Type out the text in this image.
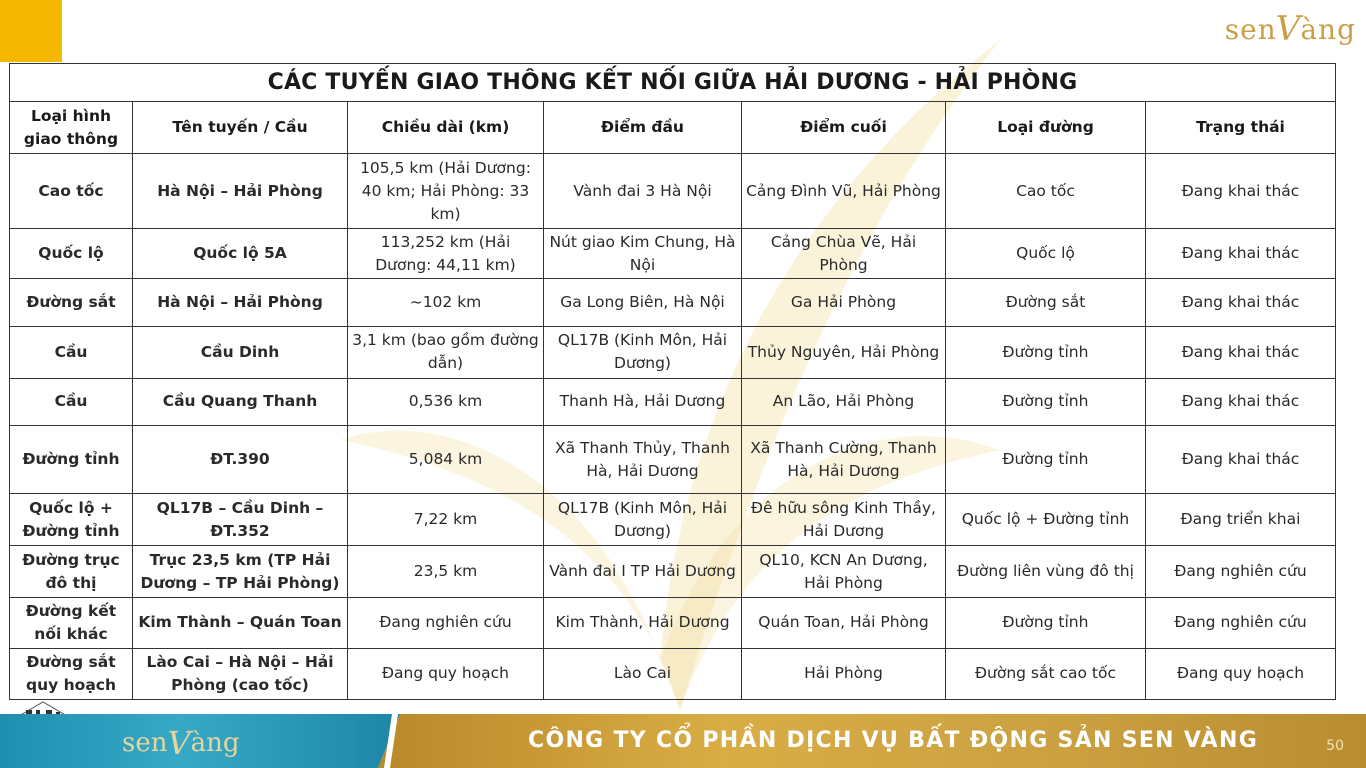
sen V àng
CÁC TUYẾN GIAO THÔNG KẾT NỐI GIỮA HẢI DƯƠNG - HẢI PHÒNG						
Loại hình giao thông	Tên tuyến / Cầu	Chiều dài (km)	Điểm đầu	Điểm cuối	Loại đường	Trạng thái
Cao tốc	Hà Nội – Hải Phòng	105,5 km (Hải Dương: 40 km; Hải Phòng: 33 km)	Vành đai 3 Hà Nội	Cảng Đình Vũ, Hải Phòng	Cao tốc	Đang khai thác
Quốc lộ	Quốc lộ 5A	113,252 km (Hải Dương: 44,11 km)	Nút giao Kim Chung, Hà Nội	Cảng Chùa Vẽ, Hải Phòng	Quốc lộ	Đang khai thác
Đường sắt	Hà Nội – Hải Phòng	~102 km	Ga Long Biên, Hà Nội	Ga Hải Phòng	Đường sắt	Đang khai thác
Cầu	Cầu Dinh	3,1 km (bao gồm đường dẫn)	QL17B (Kinh Môn, Hải Dương)	Thủy Nguyên, Hải Phòng	Đường tỉnh	Đang khai thác
Cầu	Cầu Quang Thanh	0,536 km	Thanh Hà, Hải Dương	An Lão, Hải Phòng	Đường tỉnh	Đang khai thác
Đường tỉnh	ĐT.390	5,084 km	Xã Thanh Thủy, Thanh Hà, Hải Dương	Xã Thanh Cường, Thanh Hà, Hải Dương	Đường tỉnh	Đang khai thác
Quốc lộ + Đường tỉnh	QL17B – Cầu Dinh – ĐT.352	7,22 km	QL17B (Kinh Môn, Hải Dương)	Đê hữu sông Kinh Thầy, Hải Dương	Quốc lộ + Đường tỉnh	Đang triển khai
Đường trục đô thị	Trục 23,5 km (TP Hải Dương – TP Hải Phòng)	23,5 km	Vành đai I TP Hải Dương	QL10, KCN An Dương, Hải Phòng	Đường liên vùng đô thị	Đang nghiên cứu
Đường kết nối khác	Kim Thành – Quán Toan	Đang nghiên cứu	Kim Thành, Hải Dương	Quán Toan, Hải Phòng	Đường tỉnh	Đang nghiên cứu
Đường sắt quy hoạch	Lào Cai – Hà Nội – Hải Phòng (cao tốc)	Đang quy hoạch	Lào Cai	Hải Phòng	Đường sắt cao tốc	Đang quy hoạch
sen V àng	CÔNG TY CỔ PHẦN DỊCH VỤ BẤT ĐỘNG SẢN SEN VÀNG	50
